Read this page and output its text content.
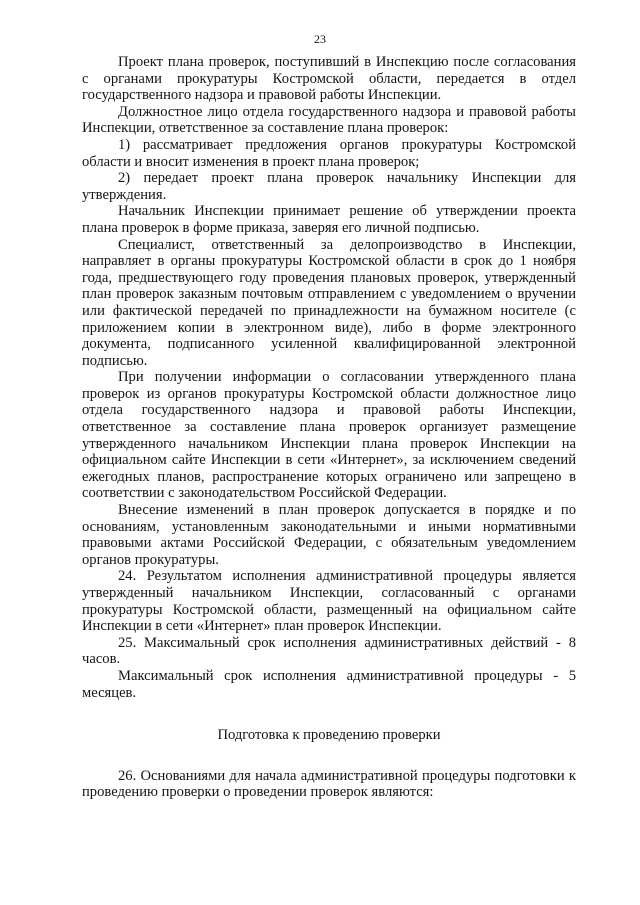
23

Проект плана проверок, поступивший в Инспекцию после согласования с органами прокуратуры Костромской области, передается в отдел государственного надзора и правовой работы Инспекции.

Должностное лицо отдела государственного надзора и правовой работы Инспекции, ответственное за составление плана проверок:

1) рассматривает предложения органов прокуратуры Костромской области и вносит изменения в проект плана проверок;

2) передает проект плана проверок начальнику Инспекции для утверждения.

Начальник Инспекции принимает решение об утверждении проекта плана проверок в форме приказа, заверяя его личной подписью.

Специалист, ответственный за делопроизводство в Инспекции, направляет в органы прокуратуры Костромской области в срок до 1 ноября года, предшествующего году проведения плановых проверок, утвержденный план проверок заказным почтовым отправлением с уведомлением о вручении или фактической передачей по принадлежности на бумажном носителе (с приложением копии в электронном виде), либо в форме электронного документа, подписанного усиленной квалифицированной электронной подписью.

При получении информации о согласовании утвержденного плана проверок из органов прокуратуры Костромской области должностное лицо отдела государственного надзора и правовой работы Инспекции, ответственное за составление плана проверок организует размещение утвержденного начальником Инспекции плана проверок Инспекции на официальном сайте Инспекции в сети «Интернет», за исключением сведений ежегодных планов, распространение которых ограничено или запрещено в соответствии с законодательством Российской Федерации.

Внесение изменений в план проверок допускается в порядке и по основаниям, установленным законодательными и иными нормативными правовыми актами Российской Федерации, с обязательным уведомлением органов прокуратуры.

24. Результатом исполнения административной процедуры является утвержденный начальником Инспекции, согласованный с органами прокуратуры Костромской области, размещенный на официальном сайте Инспекции в сети «Интернет» план проверок Инспекции.

25. Максимальный срок исполнения административных действий - 8 часов.

Максимальный срок исполнения административной процедуры - 5 месяцев.

Подготовка к проведению проверки

26. Основаниями для начала административной процедуры подготовки к проведению проверки о проведении проверок являются:
